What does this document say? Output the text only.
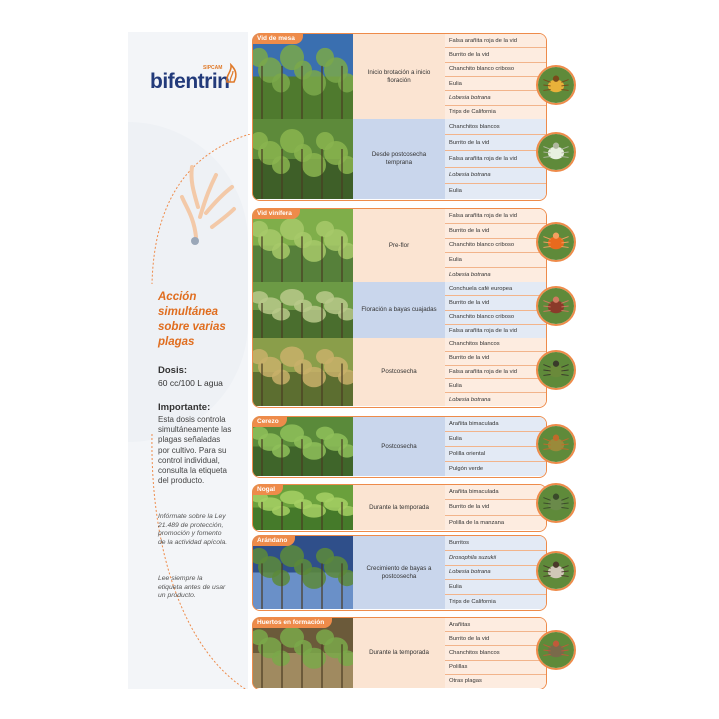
bifentrin
SIPCAM
Acción simultánea sobre varias plagas
Dosis:
60 cc/100 L agua
Importante:
Esta dosis controla simultáneamente las plagas señaladas por cultivo. Para su control individual, consulta la etiqueta del producto.
Infórmate sobre la Ley 21.489 de protección, promoción y fomento de la actividad apícola.
Lee siempre la etiqueta antes de usar un producto.
Vid de mesa
Inicio brotación a inicio floración
Falsa arañita roja de la vid
Burrito de la vid
Chanchito blanco criboso
Eulia
Lobesia botrana
Trips de California
Desde postcosecha temprana
Chanchitos blancos
Burrito de la vid
Falsa arañita roja de la vid
Lobesia botrana
Eulia
Vid vinífera
Pre-flor
Falsa arañita roja de la vid
Burrito de la vid
Chanchito blanco criboso
Eulia
Lobesia botrana
Floración a bayas cuajadas
Conchuela café europea
Burrito de la vid
Chanchito blanco criboso
Falsa arañita roja de la vid
Postcosecha
Chanchitos blancos
Burrito de la vid
Falsa arañita roja de la vid
Eulia
Lobesia botrana
Cerezo
Postcosecha
Arañita bimaculada
Eulia
Polilla oriental
Pulgón verde
Nogal
Durante la temporada
Arañita bimaculada
Burrito de la vid
Polilla de la manzana
Arándano
Crecimiento de bayas a postcosecha
Burritos
Drosophila suzukii
Lobesia botrana
Eulia
Trips de California
Huertos en formación
Durante la temporada
Arañitas
Burrito de la vid
Chanchitos blancos
Polillas
Otras plagas
